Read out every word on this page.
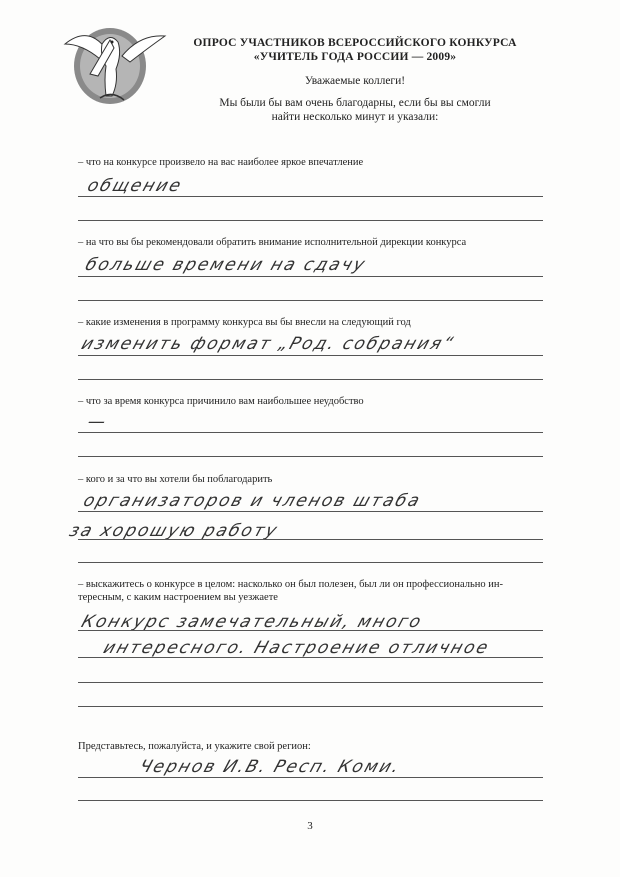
ОПРОС УЧАСТНИКОВ ВСЕРОССИЙСКОГО КОНКУРСА
«УЧИТЕЛЬ ГОДА РОССИИ — 2009»
Уважаемые коллеги!
Мы были бы вам очень благодарны, если бы вы смогли
найти несколько минут и указали:
– что на конкурсе произвело на вас наиболее яркое впечатление
общение
– на что вы бы рекомендовали обратить внимание исполнительной дирекции конкурса
больше времени на сдачу
– какие изменения в программу конкурса вы бы внесли на следующий год
изменить формат „Род. собрания“
– что за время конкурса причинило вам наибольшее неудобство
—
– кого и за что вы хотели бы поблагодарить
организаторов и членов штаба
за хорошую работу
– выскажитесь о конкурсе в целом: насколько он был полезен, был ли он профессионально ин-
тересным, с каким настроением вы уезжаете
Конкурс замечательный, много
интересного. Настроение отличное
Представьтесь, пожалуйста, и укажите свой регион:
Чернов И.В. Респ. Коми.
3
